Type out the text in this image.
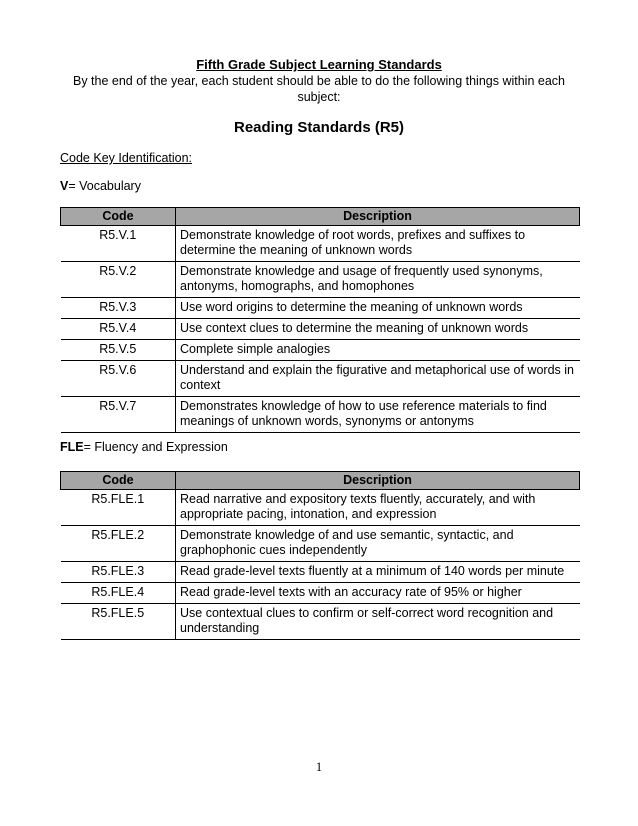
Fifth Grade Subject Learning Standards
By the end of the year, each student should be able to do the following things within each subject:
Reading Standards (R5)
Code Key Identification:
V= Vocabulary
Code	Description
R5.V.1	Demonstrate knowledge of root words, prefixes and suffixes to determine the meaning of unknown words
R5.V.2	Demonstrate knowledge and usage of frequently used synonyms, antonyms, homographs, and homophones
R5.V.3	Use word origins to determine the meaning of unknown words
R5.V.4	Use context clues to determine the meaning of unknown words
R5.V.5	Complete simple analogies
R5.V.6	Understand and explain the figurative and metaphorical use of words in context
R5.V.7	Demonstrates knowledge of how to use reference materials to find meanings of unknown words, synonyms or antonyms
FLE= Fluency and Expression
Code	Description
R5.FLE.1	Read narrative and expository texts fluently, accurately, and with appropriate pacing, intonation, and expression
R5.FLE.2	Demonstrate knowledge of and use semantic, syntactic, and graphophonic cues independently
R5.FLE.3	Read grade-level texts fluently at a minimum of 140 words per minute
R5.FLE.4	Read grade-level texts with an accuracy rate of 95% or higher
R5.FLE.5	Use contextual clues to confirm or self-correct word recognition and understanding
1
